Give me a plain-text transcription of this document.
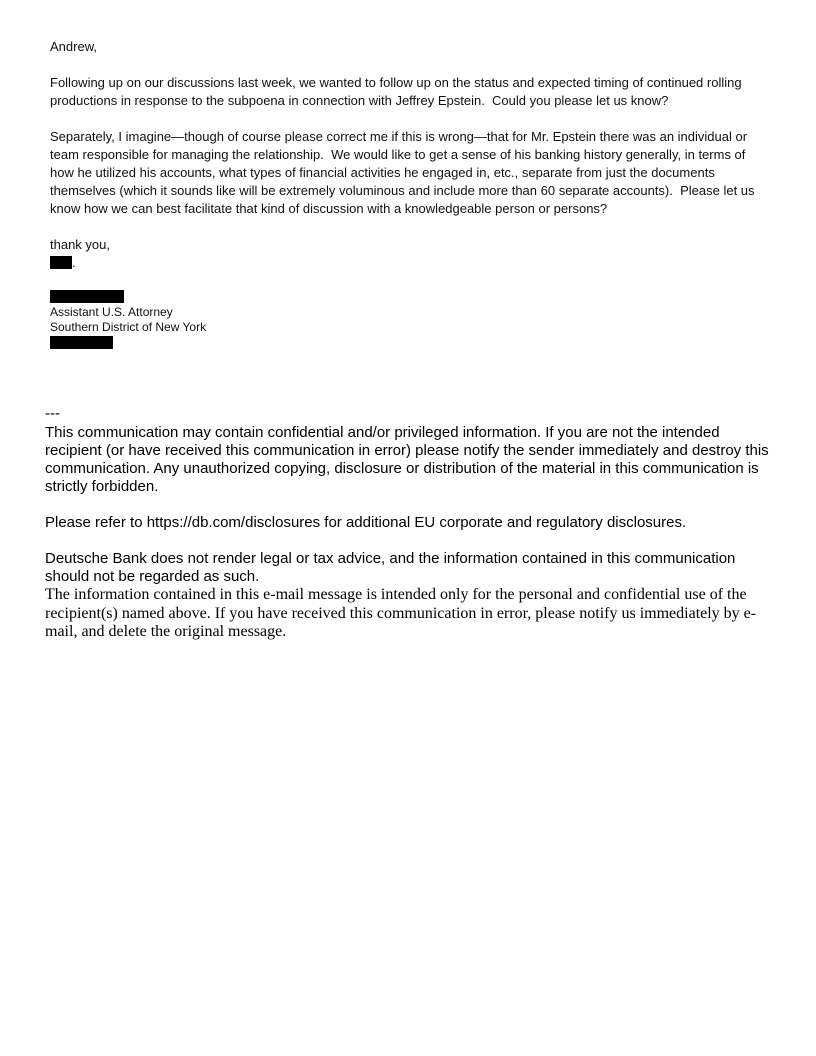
Andrew,

Following up on our discussions last week, we wanted to follow up on the status and expected timing of continued rolling productions in response to the subpoena in connection with Jeffrey Epstein.  Could you please let us know?

Separately, I imagine—though of course please correct me if this is wrong—that for Mr. Epstein there was an individual or team responsible for managing the relationship.  We would like to get a sense of his banking history generally, in terms of how he utilized his accounts, what types of financial activities he engaged in, etc., separate from just the documents themselves (which it sounds like will be extremely voluminous and include more than 60 separate accounts).  Please let us know how we can best facilitate that kind of discussion with a knowledgeable person or persons?

thank you,

.

Assistant U.S. Attorney
Southern District of New York
---

This communication may contain confidential and/or privileged information. If you are not the intended recipient (or have received this communication in error) please notify the sender immediately and destroy this communication. Any unauthorized copying, disclosure or distribution of the material in this communication is strictly forbidden.

Please refer to https://db.com/disclosures for additional EU corporate and regulatory disclosures.

Deutsche Bank does not render legal or tax advice, and the information contained in this communication should not be regarded as such.

The information contained in this e-mail message is intended only for the personal and confidential use of the recipient(s) named above. If you have received this communication in error, please notify us immediately by e-mail, and delete the original message.
